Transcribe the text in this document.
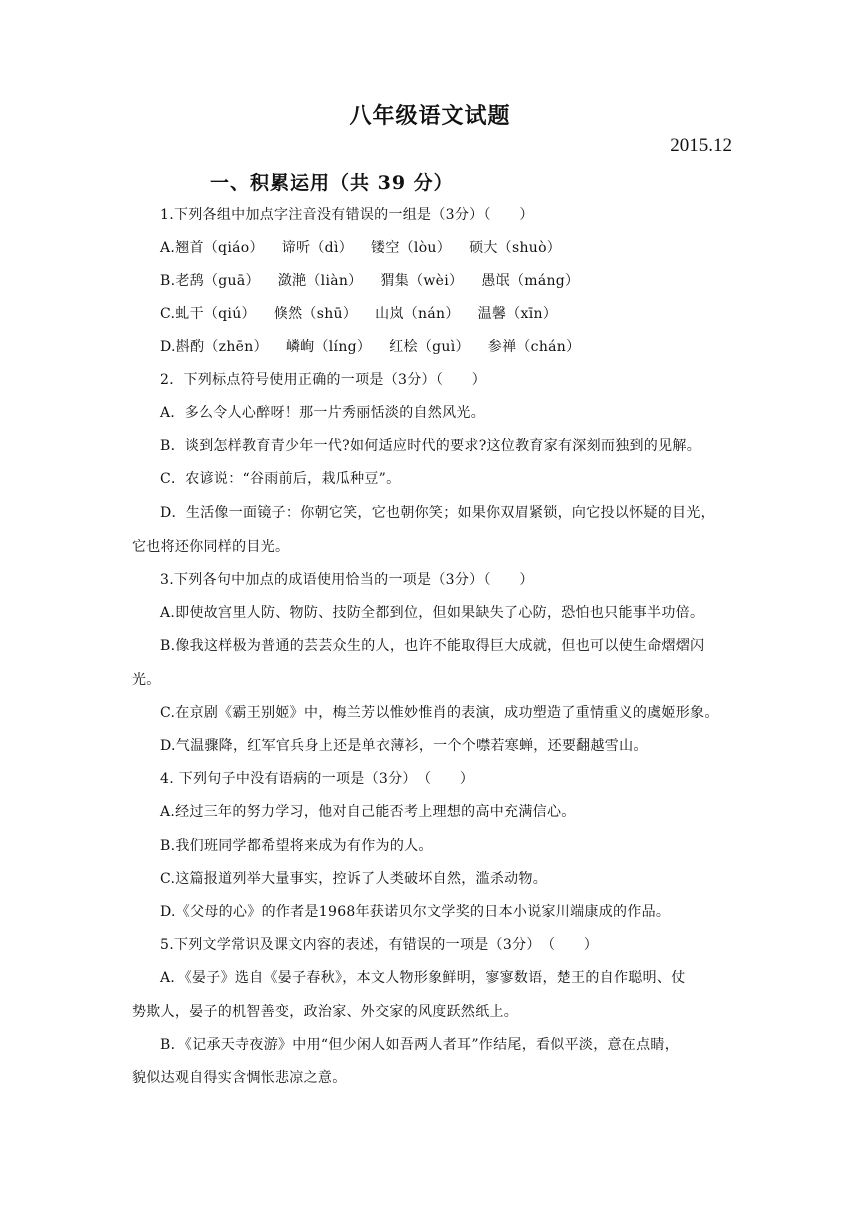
八年级语文试题
2015.12
一、积累运用（共 39 分）
1.下列各组中加点字注音没有错误的一组是（3分）（　　）
A.翘首（qiáo） 谛听（dì） 镂空（lòu） 硕大（shuò）
B.老鸹（guā） 潋滟（liàn） 猬集（wèi） 愚氓（máng）
C.虬干（qiú） 倏然（shū） 山岚（nán） 温馨（xīn）
D.斟酌（zhēn） 嶙峋（líng） 红桧（guì） 参禅（chán）
2．下列标点符号使用正确的一项是（3分）（　　）
A．多么令人心醉呀！那一片秀丽恬淡的自然风光。
B．谈到怎样教育青少年一代?如何适应时代的要求?这位教育家有深刻而独到的见解。
C．农谚说：“谷雨前后，栽瓜种豆”。
D．生活像一面镜子：你朝它笑，它也朝你笑；如果你双眉紧锁，向它投以怀疑的目光，
它也将还你同样的目光。
3.下列各句中加点的成语使用恰当的一项是（3分）（　　）
A.即使故宫里人防、物防、技防全都到位，但如果缺失了心防，恐怕也只能事半功倍。
B.像我这样极为普通的芸芸众生的人，也许不能取得巨大成就，但也可以使生命熠熠闪
光。
C.在京剧《霸王别姬》中，梅兰芳以惟妙惟肖的表演，成功塑造了重情重义的虞姬形象。
D.气温骤降，红军官兵身上还是单衣薄衫，一个个噤若寒蝉，还要翻越雪山。
4. 下列句子中没有语病的一项是（3分）　（　　）
A.经过三年的努力学习，他对自己能否考上理想的高中充满信心。
B.我们班同学都希望将来成为有作为的人。
C.这篇报道列举大量事实，控诉了人类破坏自然，滥杀动物。
D.《父母的心》的作者是1968年获诺贝尔文学奖的日本小说家川端康成的作品。
5.下列文学常识及课文内容的表述，有错误的一项是（3分）　（　　）
A．《晏子》选自《晏子春秋》，本文人物形象鲜明，寥寥数语，楚王的自作聪明、仗
势欺人，晏子的机智善变，政治家、外交家的风度跃然纸上。
B．《记承天寺夜游》中用“但少闲人如吾两人者耳”作结尾，看似平淡，意在点睛，
貌似达观自得实含惆怅悲凉之意。
